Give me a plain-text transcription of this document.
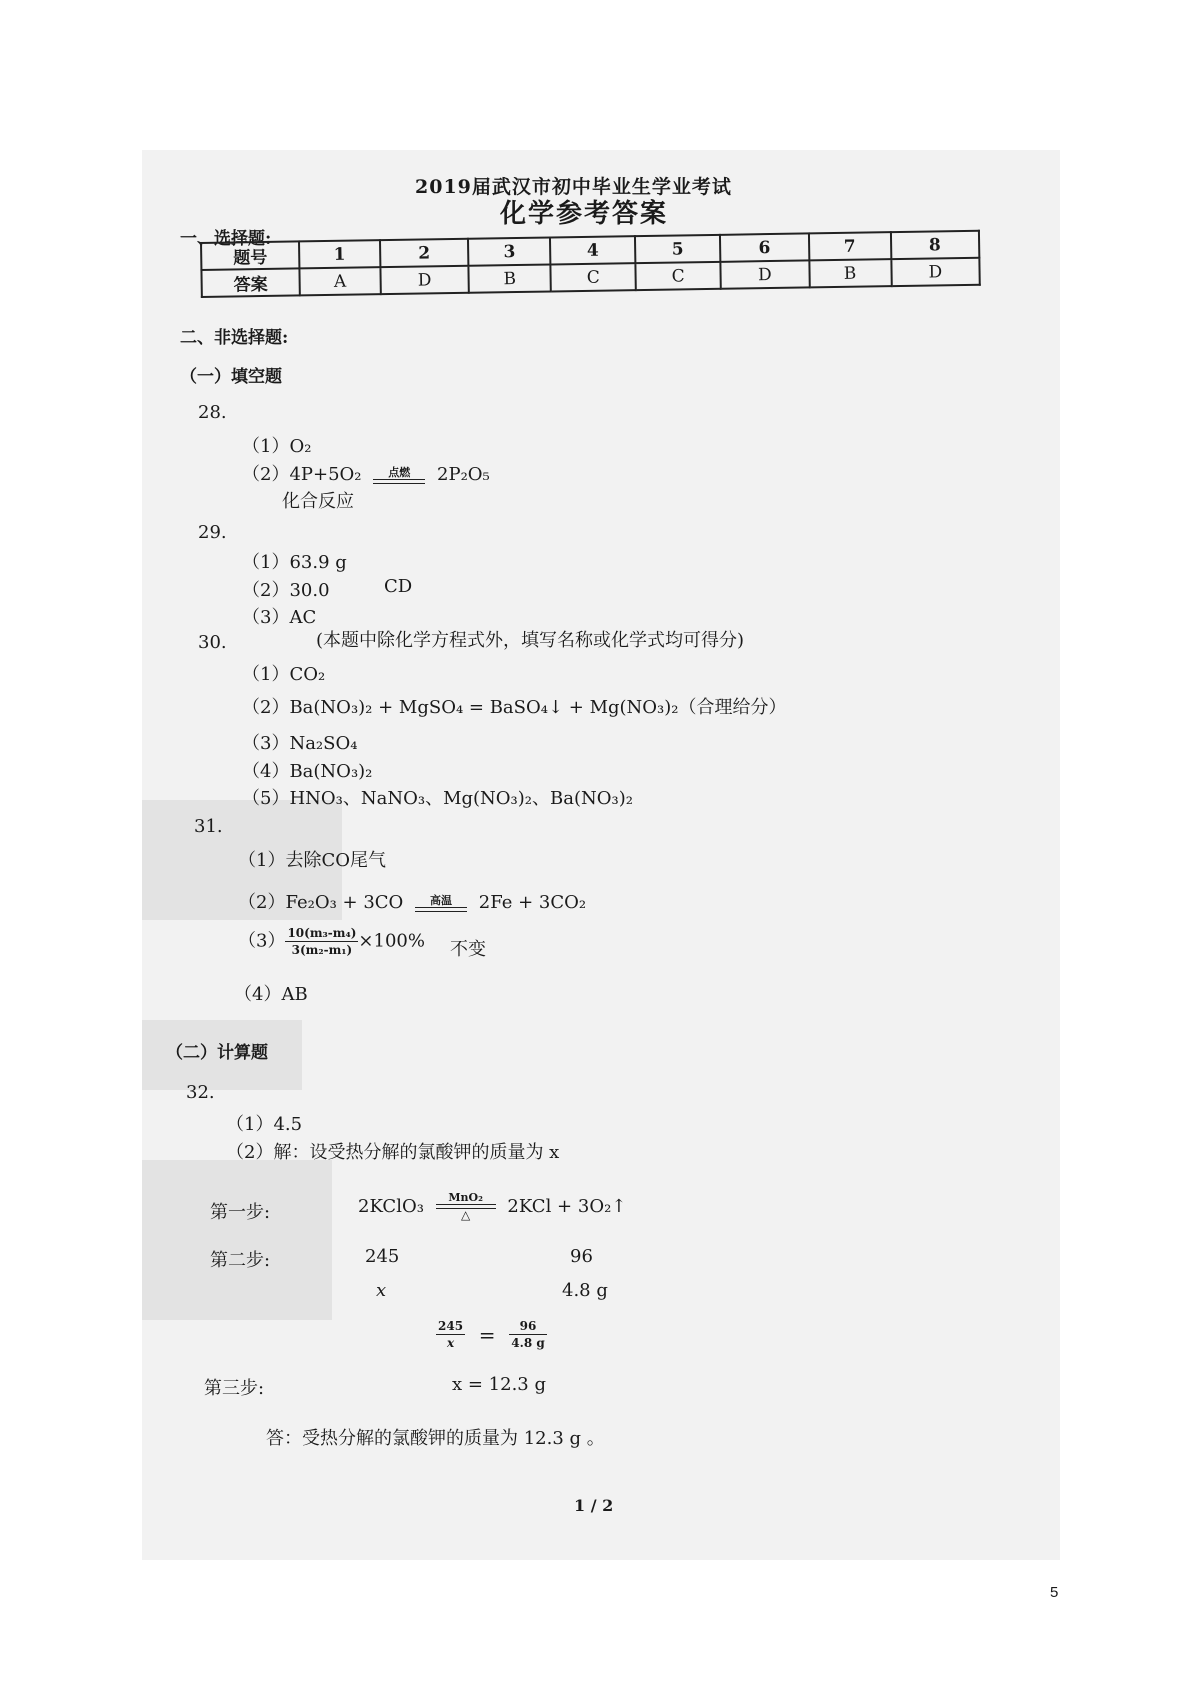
2019届武汉市初中毕业生学业考试
化学参考答案
一、选择题:
题号	1	2	3	4	5	6	7	8
答案	A	D	B	C	C	D	B	D
二、非选择题:
（一）填空题
28.
（1）O₂
（2）4P+5O₂	点燃	2P₂O₅
化合反应
29.
（1）63.9 g
（2）30.0	CD
（3）AC
30.	(本题中除化学方程式外，填写名称或化学式均可得分)
（1）CO₂
（2）Ba(NO₃)₂ + MgSO₄ = BaSO₄↓ + Mg(NO₃)₂（合理给分）
（3）Na₂SO₄
（4）Ba(NO₃)₂
（5）HNO₃、NaNO₃、Mg(NO₃)₂、Ba(NO₃)₂
31.
（1）去除CO尾气
（2）Fe₂O₃ + 3CO	高温	2Fe + 3CO₂
$(3) \frac{\text{10(m₃-m₄)}}{\text{3(m₂-m₁)}} \times 100\%$ 不变
（4）AB
（二）计算题
32.
（1）4.5
（2）解：设受热分解的氯酸钾的质量为 x
第一步:	2KClO₃	MnO₂
△	2KCl + 3O₂↑
第二步:	245	96
x	4.8 g
$\frac{245}{x} = \frac{96}{4.8 g}$
第三步:	x = 12.3 g
答：受热分解的氯酸钾的质量为 12.3 g 。
1 / 2
5
